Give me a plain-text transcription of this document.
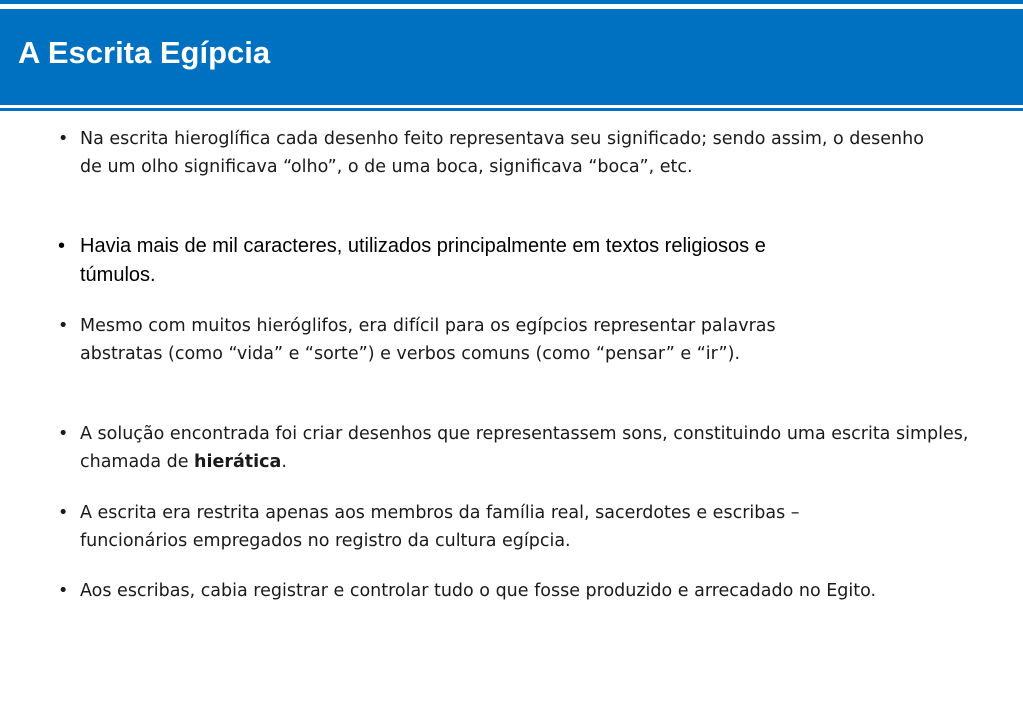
A Escrita Egípcia
• Na escrita hieroglífica cada desenho feito representava seu significado; sendo assim, o desenho de um olho significava “olho”, o de uma boca, significava “boca”, etc.
• Havia mais de mil caracteres, utilizados principalmente em textos religiosos e túmulos.
• Mesmo com muitos hieróglifos, era difícil para os egípcios representar palavras abstratas (como “vida” e “sorte”) e verbos comuns (como “pensar” e “ir”).
• A solução encontrada foi criar desenhos que representassem sons, constituindo uma escrita simples, chamada de hierática.
• A escrita era restrita apenas aos membros da família real, sacerdotes e escribas – funcionários empregados no registro da cultura egípcia.
• Aos escribas, cabia registrar e controlar tudo o que fosse produzido e arrecadado no Egito.
